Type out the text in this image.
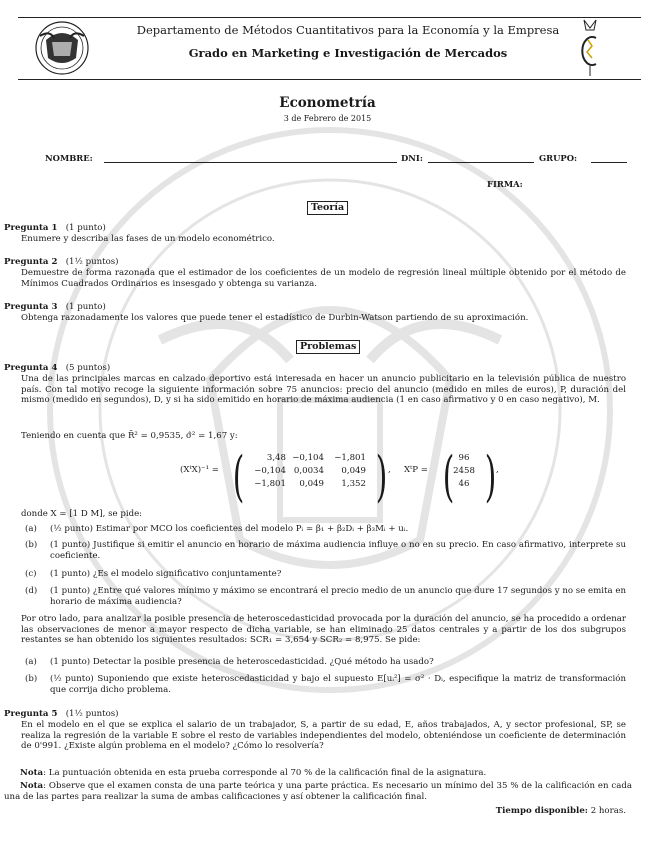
Departamento de Métodos Cuantitativos para la Economía y la Empresa
Grado en Marketing e Investigación de Mercados
Econometría
3 de Febrero de 2015
NOMBRE:	DNI:	GRUPO:
FIRMA:
Teoría
Pregunta 1 (1 punto)
Enumere y describa las fases de un modelo econométrico.
Pregunta 2 (1½ puntos)
Demuestre de forma razonada que el estimador de los coeficientes de un modelo de regresión lineal múltiple obtenido por el método de Mínimos Cuadrados Ordinarios es insesgado y obtenga su varianza.
Pregunta 3 (1 punto)
Obtenga razonadamente los valores que puede tener el estadístico de Durbin-Watson partiendo de su aproximación.
Problemas
Pregunta 4 (5 puntos)
Una de las principales marcas en calzado deportivo está interesada en hacer un anuncio publicitario en la televisión pública de nuestro país. Con tal motivo recoge la siguiente información sobre 75 anuncios: precio del anuncio (medido en miles de euros), P, duración del mismo (medido en segundos), D, y si ha sido emitido en horario de máxima audiencia (1 en caso afirmativo y 0 en caso negativo), M.
Teniendo en cuenta que R̄² = 0,9535, σ̂² = 1,67 y:
(XᵗX)⁻¹ = ( )
3,48 −0,104	−1,801
−0,104 0,0034	0,049
−1,801	0,049	1,352
, XᵗP = ( )
96
2458
46
,
donde X = [1 D M], se pide:
(a) (½ punto) Estimar por MCO los coeficientes del modelo Pᵢ = β₁ + β₂Dᵢ + β₃Mᵢ + uᵢ.
(b) (1 punto) Justifique si emitir el anuncio en horario de máxima audiencia influye o no en su precio. En caso afirmativo, interprete su coeficiente.
(c) (1 punto) ¿Es el modelo significativo conjuntamente?
(d) (1 punto) ¿Entre qué valores mínimo y máximo se encontrará el precio medio de un anuncio que dure 17 segundos y no se emita en horario de máxima audiencia?
Por otro lado, para analizar la posible presencia de heteroscedasticidad provocada por la duración del anuncio, se ha procedido a ordenar las observaciones de menor a mayor respecto de dicha variable, se han eliminado 25 datos centrales y a partir de los dos subgrupos restantes se han obtenido los siguientes resultados: SCR₁ = 3,654 y SCR₂ = 8,975. Se pide:
(a) (1 punto) Detectar la posible presencia de heteroscedasticidad. ¿Qué método ha usado?
(b) (½ punto) Suponiendo que existe heteroscedasticidad y bajo el supuesto E[uᵢ²] = σ² · Dᵢ, especifique la matriz de transformación que corrija dicho problema.
Pregunta 5 (1½ puntos)
En el modelo en el que se explica el salario de un trabajador, S, a partir de su edad, E, años trabajados, A, y sector profesional, SP, se realiza la regresión de la variable E sobre el resto de variables independientes del modelo, obteniéndose un coeficiente de determinación de 0'991. ¿Existe algún problema en el modelo? ¿Cómo lo resolvería?
Nota: La puntuación obtenida en esta prueba corresponde al 70 % de la calificación final de la asignatura.
Nota: Observe que el examen consta de una parte teórica y una parte práctica. Es necesario un mínimo del 35 % de la calificación en cada una de las partes para realizar la suma de ambas calificaciones y así obtener la calificación final.
Tiempo disponible: 2 horas.
